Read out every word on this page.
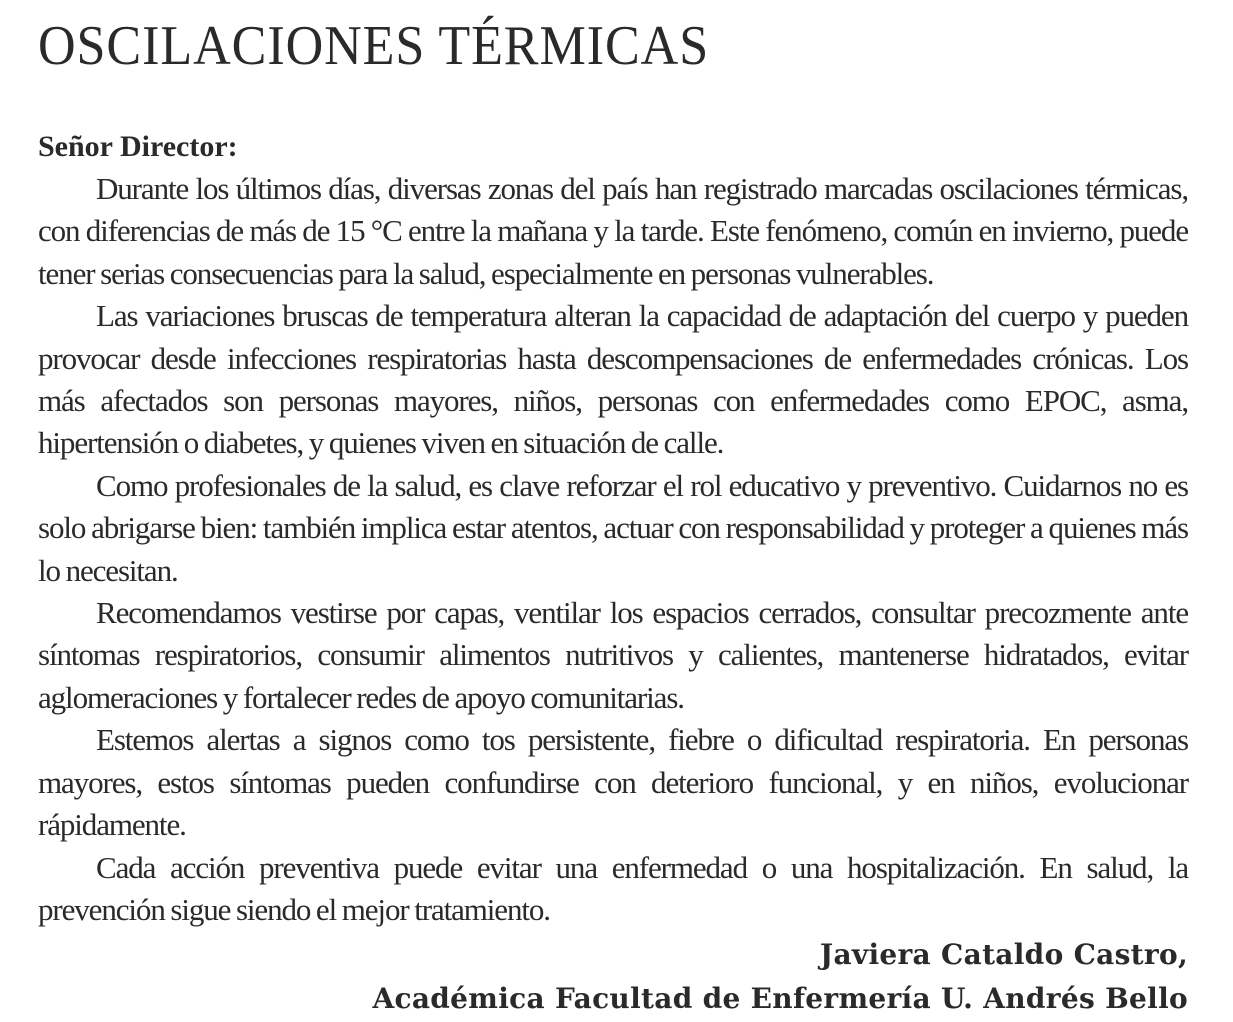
OSCILACIONES TÉRMICAS
Señor Director:

Durante los últimos días, diversas zonas del país han registrado marcadas oscilaciones térmicas, con diferencias de más de 15 °C entre la mañana y la tarde. Este fenómeno, común en invierno, puede tener serias consecuencias para la salud, especialmente en personas vulnerables.

Las variaciones bruscas de temperatura alteran la capacidad de adaptación del cuerpo y pueden provocar desde infecciones respiratorias hasta descompensaciones de enfermedades crónicas. Los más afectados son personas mayores, niños, personas con enfermedades como EPOC, asma, hipertensión o diabetes, y quienes viven en situación de calle.

Como profesionales de la salud, es clave reforzar el rol educativo y preventivo. Cuidarnos no es solo abrigarse bien: también implica estar atentos, actuar con responsabilidad y proteger a quienes más lo necesitan.

Recomendamos vestirse por capas, ventilar los espacios cerrados, consultar precozmente ante síntomas respiratorios, consumir alimentos nutritivos y calientes, mantenerse hidratados, evitar aglomeraciones y fortalecer redes de apoyo comunitarias.

Estemos alertas a signos como tos persistente, fiebre o dificultad respiratoria. En personas mayores, estos síntomas pueden confundirse con deterioro funcional, y en niños, evolucionar rápidamente.

Cada acción preventiva puede evitar una enfermedad o una hospitalización. En salud, la prevención sigue siendo el mejor tratamiento.

Javiera Cataldo Castro,
Académica Facultad de Enfermería U. Andrés Bello
